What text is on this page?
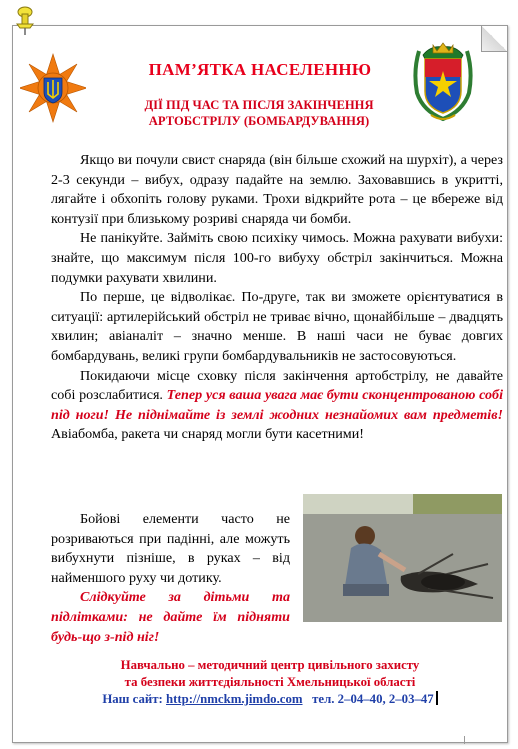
ПАМ’ЯТКА НАСЕЛЕННЮ
ДІЇ ПІД ЧАС ТА ПІСЛЯ ЗАКІНЧЕННЯ
АРТОБСТРІЛУ (БОМБАРДУВАННЯ)

Якщо ви почули свист снаряда (він більше схожий на шурхіт), а через 2-3 секунди – вибух, одразу падайте на землю. Заховавшись в укритті, лягайте і обхопіть голову руками. Трохи відкрийте рота – це вбереже від контузії при близькому розриві снаряда чи бомби.

Не панікуйте. Займіть свою психіку чимось. Можна рахувати вибухи: знайте, що максимум після 100-го вибуху обстріл закінчиться. Можна подумки рахувати хвилини.

По перше, це відволікає. По-друге, так ви зможете орієнтуватися в ситуації: артилерійський обстріл не триває вічно, щонайбільше – двадцять хвилин; авіаналіт – значно менше. В наші часи не буває довгих бомбардувань, великі групи бомбардувальників не застосовуються.

Покидаючи місце сховку після закінчення артобстрілу, не давайте собі розслабитися. Тепер уся ваша увага має бути сконцентрованою собі під ноги! Не піднімайте із землі жодних незнайомих вам предметів! Авіабомба, ракета чи снаряд могли бути касетними!

Бойові елементи часто не розриваються при падінні, але можуть вибухнути пізніше, в руках – від найменшого руху чи дотику.

Слідкуйте за дітьми та підлітками: не дайте їм підняти будь-що з-під ніг!

Навчально – методичний центр цивільного захисту
та безпеки життєдіяльності Хмельницької області
Наш сайт: http://nmckm.jimdo.com тел. 2–04–40, 2–03–47
